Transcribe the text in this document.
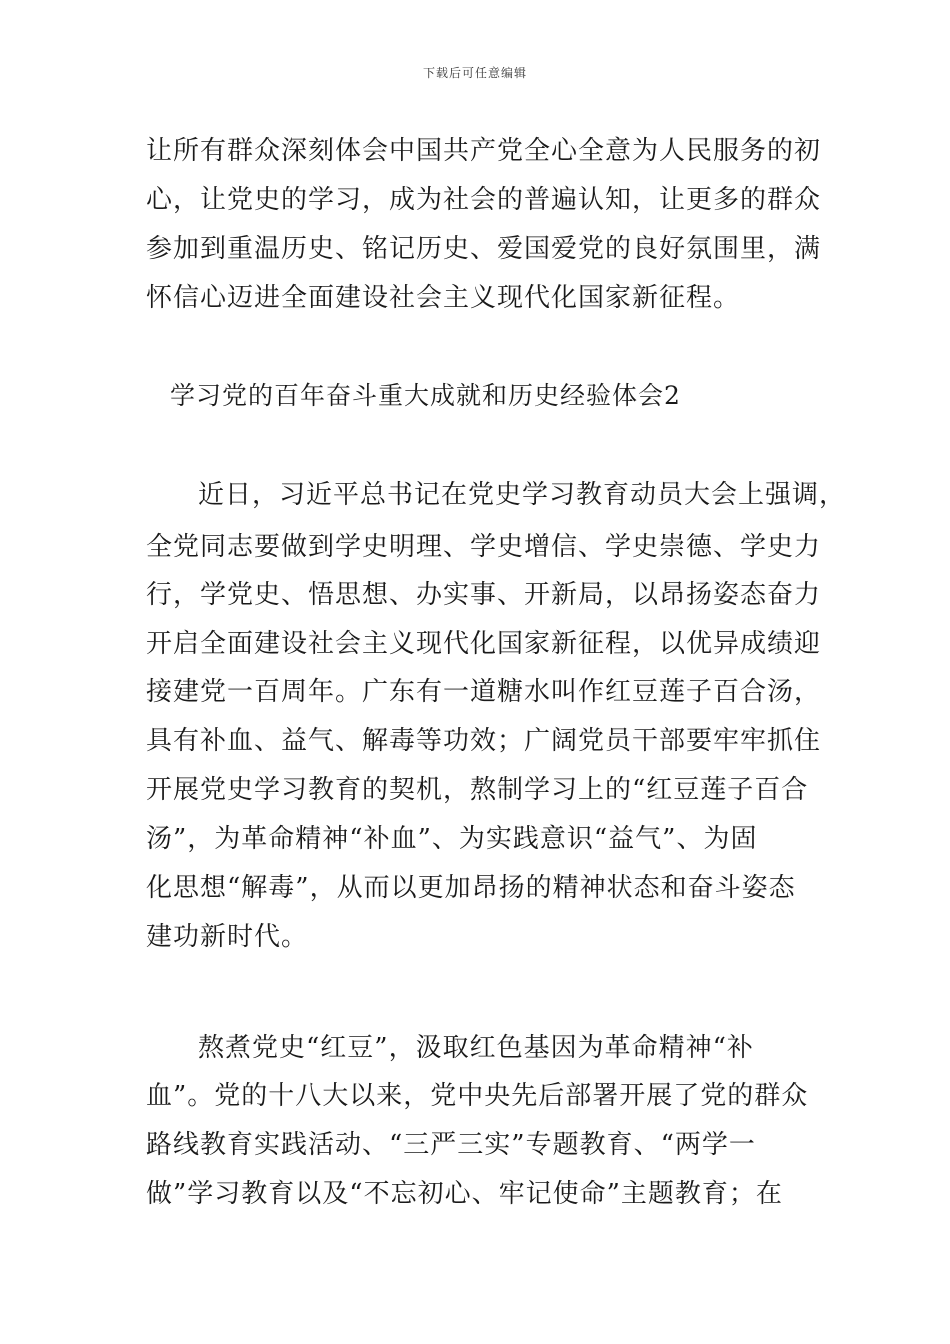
下载后可任意编辑
让所有群众深刻体会中国共产党全心全意为人民服务的初
心，让党史的学习，成为社会的普遍认知，让更多的群众
参加到重温历史、铭记历史、爱国爱党的良好氛围里，满
怀信心迈进全面建设社会主义现代化国家新征程。
学习党的百年奋斗重大成就和历史经验体会2
近日，习近平总书记在党史学习教育动员大会上强调，
全党同志要做到学史明理、学史增信、学史崇德、学史力
行，学党史、悟思想、办实事、开新局，以昂扬姿态奋力
开启全面建设社会主义现代化国家新征程，以优异成绩迎
接建党一百周年。广东有一道糖水叫作红豆莲子百合汤，
具有补血、益气、解毒等功效；广阔党员干部要牢牢抓住
开展党史学习教育的契机，熬制学习上的“红豆莲子百合
汤”，为革命精神“补血”、为实践意识“益气”、为固
化思想“解毒”，从而以更加昂扬的精神状态和奋斗姿态
建功新时代。
熬煮党史“红豆”，汲取红色基因为革命精神“补
血”。党的十八大以来，党中央先后部署开展了党的群众
路线教育实践活动、“三严三实”专题教育、“两学一
做”学习教育以及“不忘初心、牢记使命”主题教育；在
